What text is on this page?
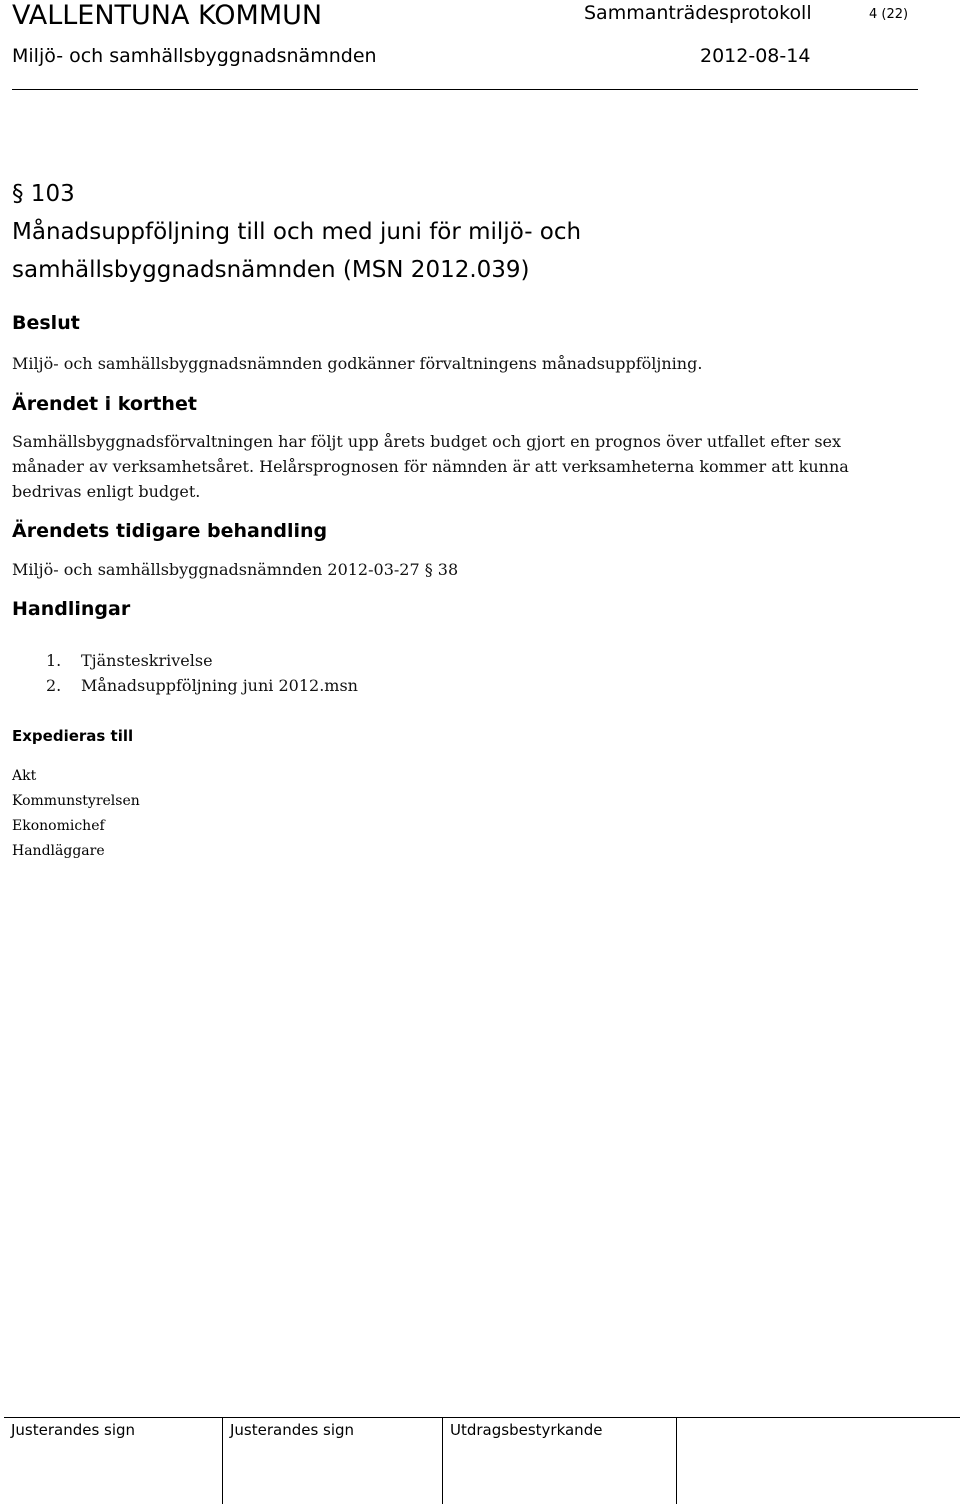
VALLENTUNA KOMMUN	Sammanträdesprotokoll	4 (22)
Miljö- och samhällsbyggnadsnämnden	2012-08-14
§ 103
Månadsuppföljning till och med juni för miljö- och
samhällsbyggnadsnämnden (MSN 2012.039)
Beslut
Miljö- och samhällsbyggnadsnämnden godkänner förvaltningens månadsuppföljning.
Ärendet i korthet
Samhällsbyggnadsförvaltningen har följt upp årets budget och gjort en prognos över utfallet efter sex månader av verksamhetsåret. Helårsprognosen för nämnden är att verksamheterna kommer att kunna bedrivas enligt budget.
Ärendets tidigare behandling
Miljö- och samhällsbyggnadsnämnden 2012-03-27 § 38
Handlingar
1. Tjänsteskrivelse
2. Månadsuppföljning juni 2012.msn
Expedieras till
Akt
Kommunstyrelsen
Ekonomichef
Handläggare
Justerandes sign	Justerandes sign	Utdragsbestyrkande
